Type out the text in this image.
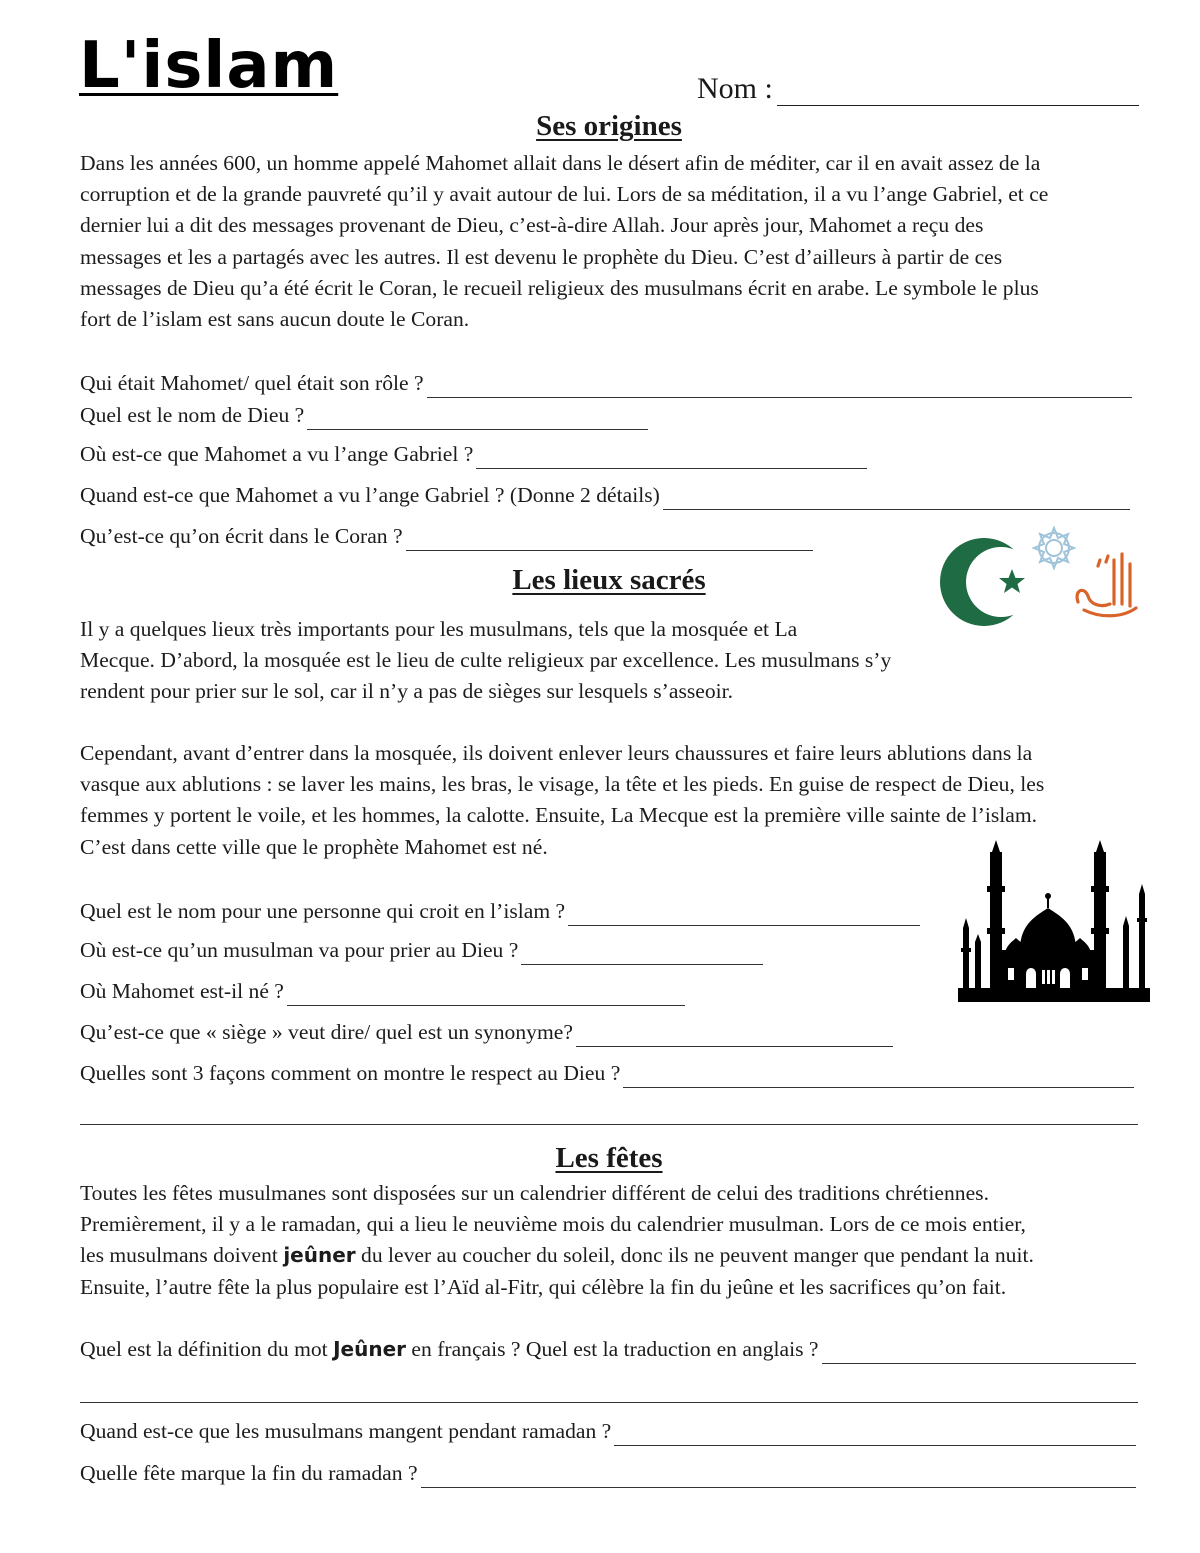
L'islam	Nom :
Ses origines
Dans les années 600, un homme appelé Mahomet allait dans le désert afin de méditer, car il en avait assez de la
corruption et de la grande pauvreté qu’il y avait autour de lui. Lors de sa méditation, il a vu l’ange Gabriel, et ce
dernier lui a dit des messages provenant de Dieu, c’est-à-dire Allah. Jour après jour, Mahomet a reçu des
messages et les a partagés avec les autres. Il est devenu le prophète du Dieu. C’est d’ailleurs à partir de ces
messages de Dieu qu’a été écrit le Coran, le recueil religieux des musulmans écrit en arabe. Le symbole le plus
fort de l’islam est sans aucun doute le Coran.
Qui était Mahomet/ quel était son rôle ?
Quel est le nom de Dieu ?
Où est-ce que Mahomet a vu l’ange Gabriel ?
Quand est-ce que Mahomet a vu l’ange Gabriel ? (Donne 2 détails)
Qu’est-ce qu’on écrit dans le Coran ?
Les lieux sacrés
Il y a quelques lieux très importants pour les musulmans, tels que la mosquée et La
Mecque. D’abord, la mosquée est le lieu de culte religieux par excellence. Les musulmans s’y
rendent pour prier sur le sol, car il n’y a pas de sièges sur lesquels s’asseoir.
Cependant, avant d’entrer dans la mosquée, ils doivent enlever leurs chaussures et faire leurs ablutions dans la
vasque aux ablutions : se laver les mains, les bras, le visage, la tête et les pieds. En guise de respect de Dieu, les
femmes y portent le voile, et les hommes, la calotte. Ensuite, La Mecque est la première ville sainte de l’islam.
C’est dans cette ville que le prophète Mahomet est né.
Quel est le nom pour une personne qui croit en l’islam ?
Où est-ce qu’un musulman va pour prier au Dieu ?
Où Mahomet est-il né ?
Qu’est-ce que « siège » veut dire/ quel est un synonyme?
Quelles sont 3 façons comment on montre le respect au Dieu ?
Les fêtes
Toutes les fêtes musulmanes sont disposées sur un calendrier différent de celui des traditions chrétiennes.
Premièrement, il y a le ramadan, qui a lieu le neuvième mois du calendrier musulman. Lors de ce mois entier,
les musulmans doivent jeûner du lever au coucher du soleil, donc ils ne peuvent manger que pendant la nuit.
Ensuite, l’autre fête la plus populaire est l’Aïd al-Fitr, qui célèbre la fin du jeûne et les sacrifices qu’on fait.
Quel est la définition du mot Jeûner en français ? Quel est la traduction en anglais ?
Quand est-ce que les musulmans mangent pendant ramadan ?
Quelle fête marque la fin du ramadan ?
